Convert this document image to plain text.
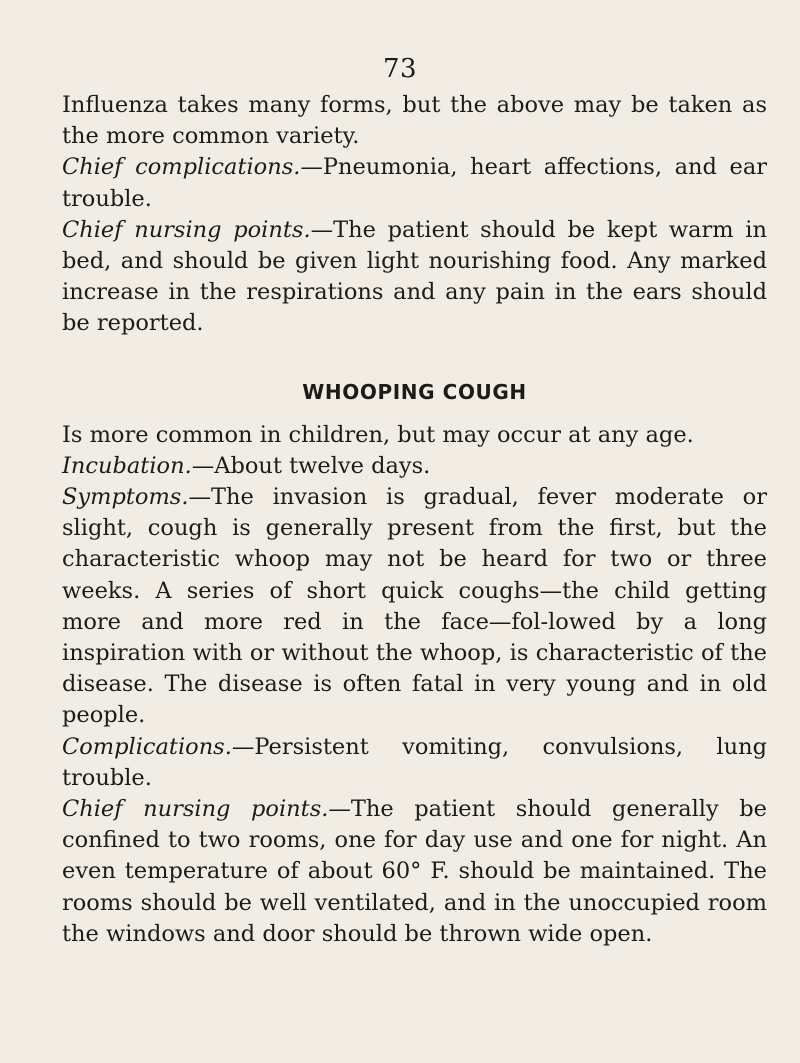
73

Influenza takes many forms, but the above may be taken as the more common variety.

Chief complications.—Pneumonia, heart affections, and ear trouble.

Chief nursing points.—The patient should be kept warm in bed, and should be given light nourishing food. Any marked increase in the respirations and any pain in the ears should be reported.

WHOOPING COUGH

Is more common in children, but may occur at any age.

Incubation.—About twelve days.

Symptoms.—The invasion is gradual, fever moderate or slight, cough is generally present from the first, but the characteristic whoop may not be heard for two or three weeks. A series of short quick coughs—the child getting more and more red in the face—fol-lowed by a long inspiration with or without the whoop, is characteristic of the disease. The disease is often fatal in very young and in old people.

Complications.—Persistent vomiting, convulsions, lung trouble.

Chief nursing points.—The patient should generally be confined to two rooms, one for day use and one for night. An even temperature of about 60° F. should be maintained. The rooms should be well ventilated, and in the unoccupied room the windows and door should be thrown wide open.
